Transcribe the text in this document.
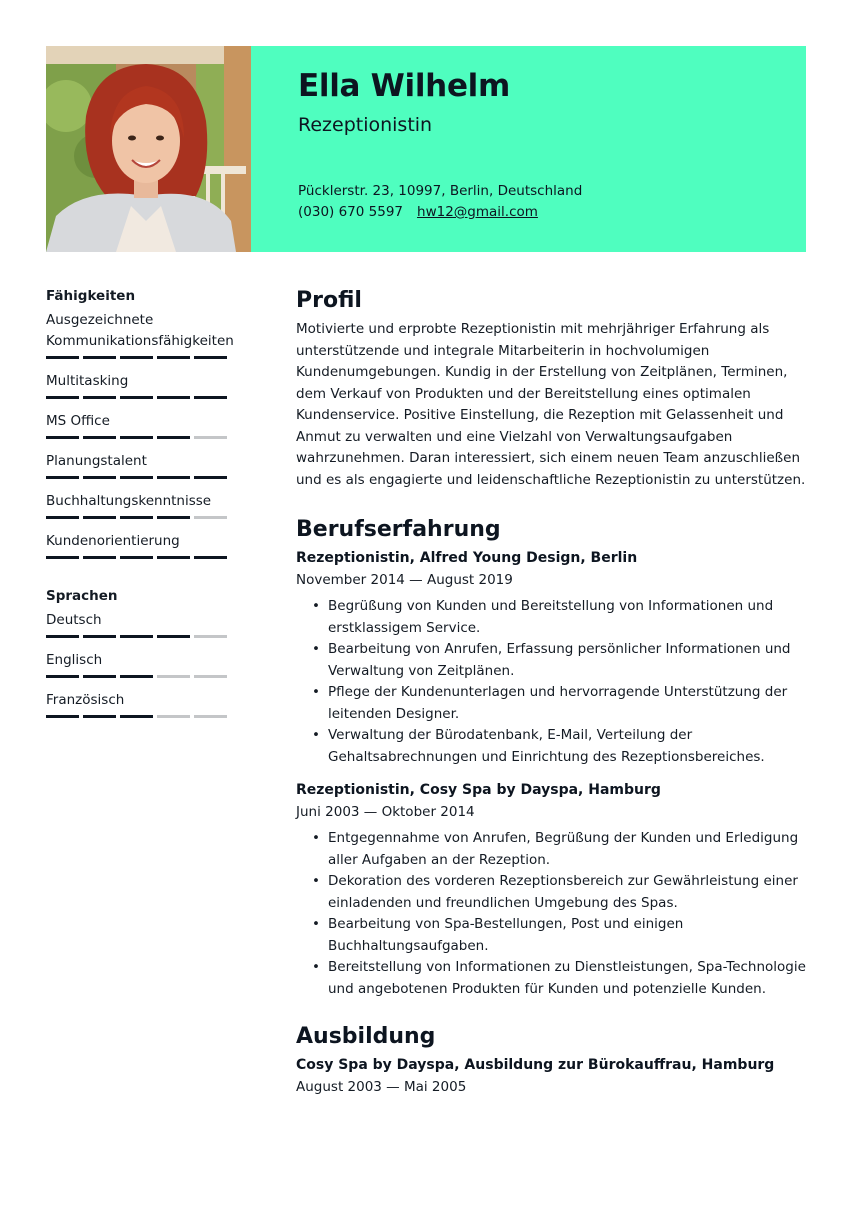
Ella Wilhelm
Rezeptionistin
Pücklerstr. 23, 10997, Berlin, Deutschland
(030) 670 5597 hw12@gmail.com
Fähigkeiten
Ausgezeichnete Kommunikationsfähigkeiten
Multitasking
MS Office
Planungstalent
Buchhaltungskenntnisse
Kundenorientierung
Sprachen
Deutsch
Englisch
Französisch
Profil
Motivierte und erprobte Rezeptionistin mit mehrjähriger Erfahrung als unterstützende und integrale Mitarbeiterin in hochvolumigen Kundenumgebungen. Kundig in der Erstellung von Zeitplänen, Terminen, dem Verkauf von Produkten und der Bereitstellung eines optimalen Kundenservice. Positive Einstellung, die Rezeption mit Gelassenheit und Anmut zu verwalten und eine Vielzahl von Verwaltungsaufgaben wahrzunehmen. Daran interessiert, sich einem neuen Team anzuschließen und es als engagierte und leidenschaftliche Rezeptionistin zu unterstützen.
Berufserfahrung
Rezeptionistin, Alfred Young Design, Berlin
November 2014 — August 2019
• Begrüßung von Kunden und Bereitstellung von Informationen und erstklassigem Service.
• Bearbeitung von Anrufen, Erfassung persönlicher Informationen und Verwaltung von Zeitplänen.
• Pflege der Kundenunterlagen und hervorragende Unterstützung der leitenden Designer.
• Verwaltung der Bürodatenbank, E-Mail, Verteilung der Gehaltsabrechnungen und Einrichtung des Rezeptionsbereiches.
Rezeptionistin, Cosy Spa by Dayspa, Hamburg
Juni 2003 — Oktober 2014
• Entgegennahme von Anrufen, Begrüßung der Kunden und Erledigung aller Aufgaben an der Rezeption.
• Dekoration des vorderen Rezeptionsbereich zur Gewährleistung einer einladenden und freundlichen Umgebung des Spas.
• Bearbeitung von Spa-Bestellungen, Post und einigen Buchhaltungsaufgaben.
• Bereitstellung von Informationen zu Dienstleistungen, Spa-Technologie und angebotenen Produkten für Kunden und potenzielle Kunden.
Ausbildung
Cosy Spa by Dayspa, Ausbildung zur Bürokauffrau, Hamburg
August 2003 — Mai 2005
